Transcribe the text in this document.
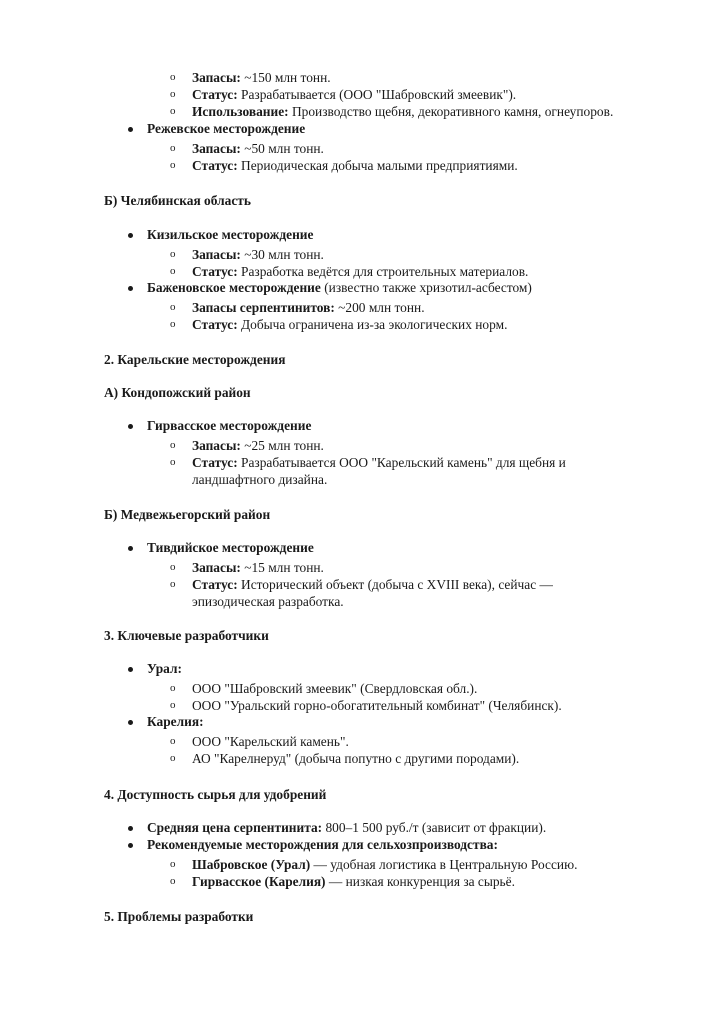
o Запасы: ~150 млн тонн.
o Статус: Разрабатывается (ООО "Шабровский змеевик").
o Использование: Производство щебня, декоративного камня, огнеупоров.
Режевское месторождение
o Запасы: ~50 млн тонн.
o Статус: Периодическая добыча малыми предприятиями.
Б) Челябинская область
Кизильское месторождение
o Запасы: ~30 млн тонн.
o Статус: Разработка ведётся для строительных материалов.
Баженовское месторождение (известно также хризотил-асбестом)
o Запасы серпентинитов: ~200 млн тонн.
o Статус: Добыча ограничена из-за экологических норм.
2. Карельские месторождения
А) Кондопожский район
Гирвасское месторождение
o Запасы: ~25 млн тонн.
o Статус: Разрабатывается ООО "Карельский камень" для щебня и ландшафтного дизайна.
Б) Медвежьегорский район
Тивдийское месторождение
o Запасы: ~15 млн тонн.
o Статус: Исторический объект (добыча с XVIII века), сейчас — эпизодическая разработка.
3. Ключевые разработчики
Урал:
o ООО "Шабровский змеевик" (Свердловская обл.).
o ООО "Уральский горно-обогатительный комбинат" (Челябинск).
Карелия:
o ООО "Карельский камень".
o АО "Карелнеруд" (добыча попутно с другими породами).
4. Доступность сырья для удобрений
Средняя цена серпентинита: 800–1 500 руб./т (зависит от фракции).
Рекомендуемые месторождения для сельхозпроизводства:
o Шабровское (Урал) — удобная логистика в Центральную Россию.
o Гирвасское (Карелия) — низкая конкуренция за сырьё.
5. Проблемы разработки
